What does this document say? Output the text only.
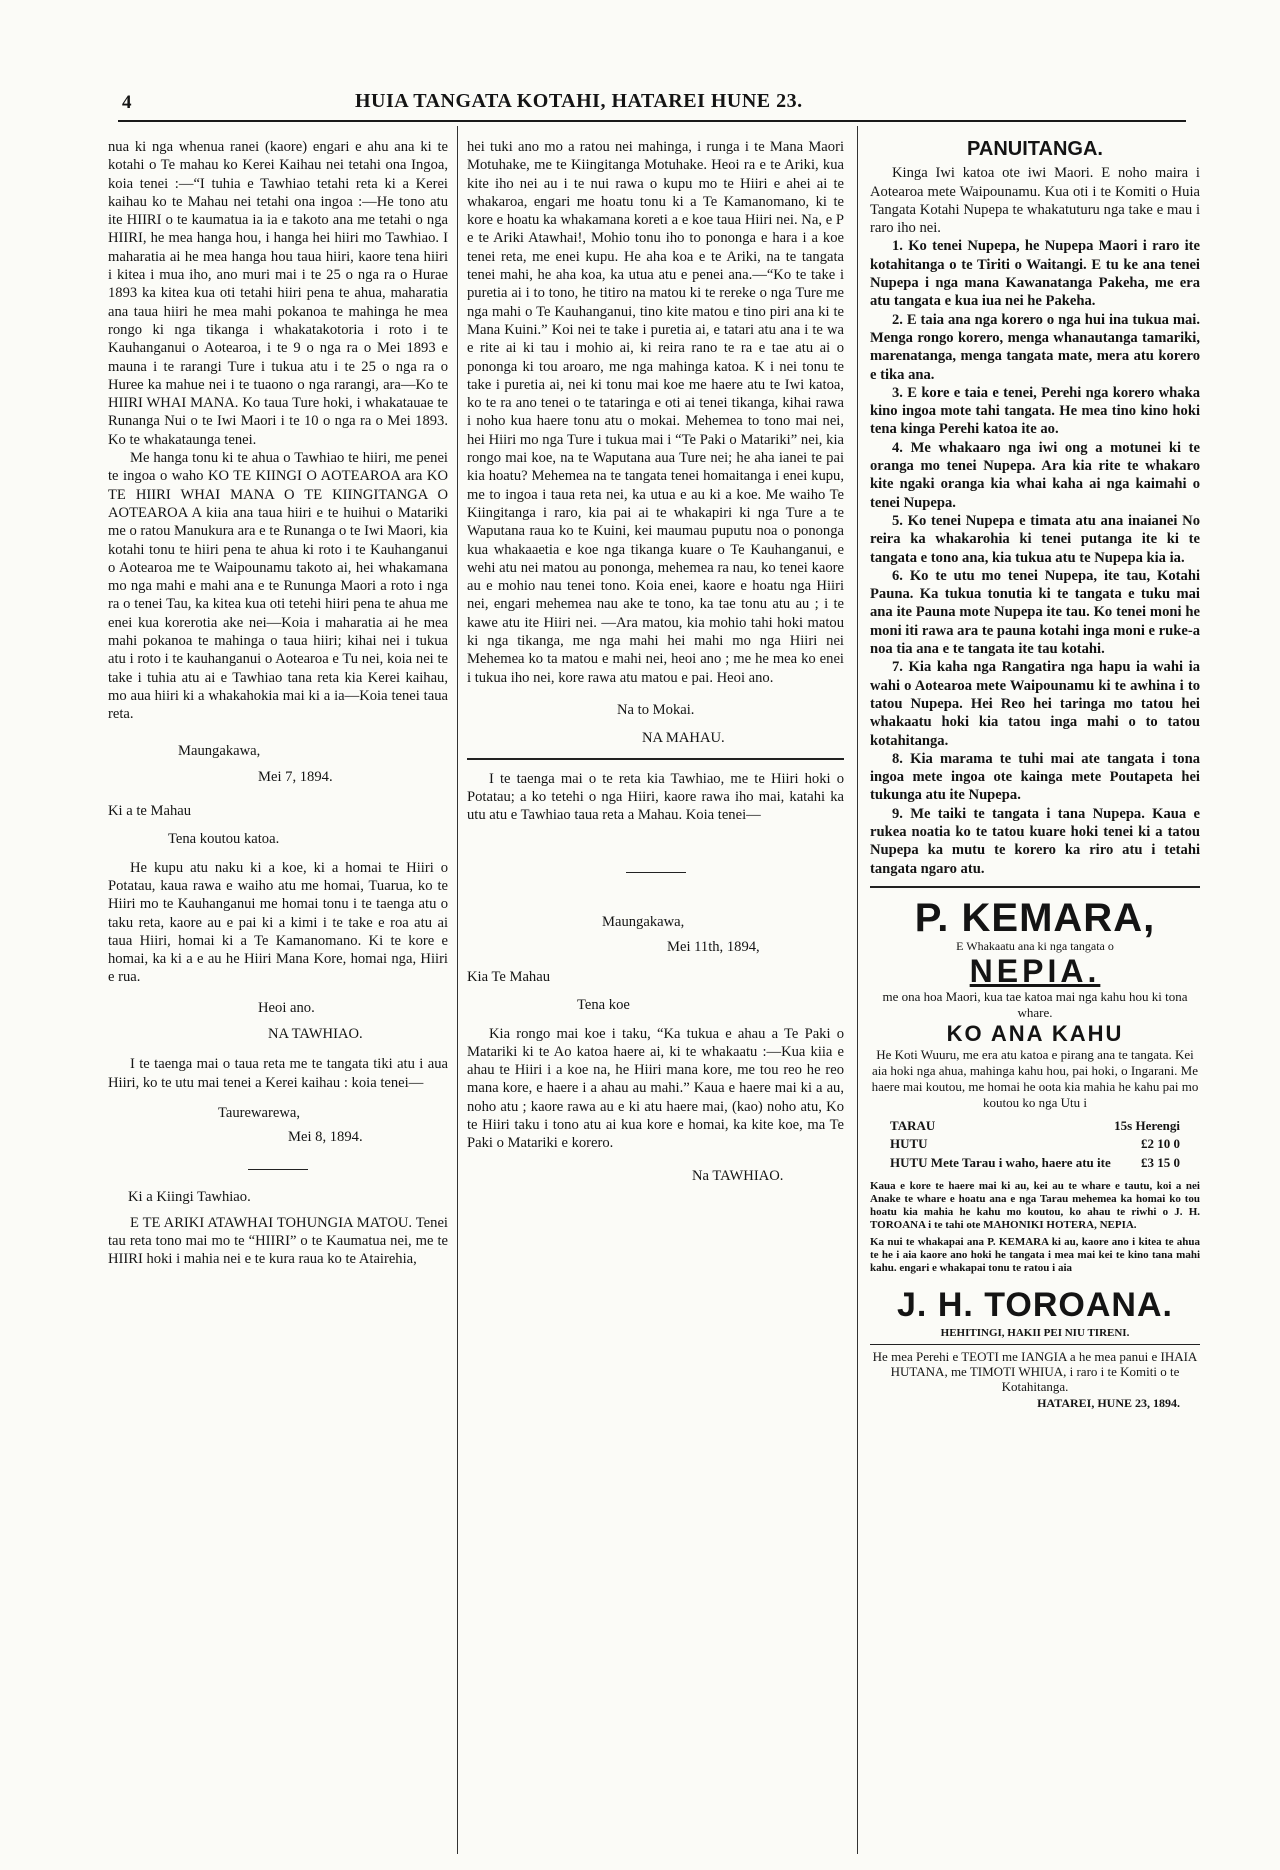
4	HUIA TANGATA KOTAHI, HATAREI HUNE 23.

nua ki nga whenua ranei (kaore) engari e ahu ana ki te kotahi o Te mahau ko Kerei Kaihau nei tetahi ona Ingoa, koia tenei :—“I tuhia e Tawhiao tetahi reta ki a Kerei kaihau ko te Mahau nei tetahi ona ingoa :—He tono atu ite HIIRI o te kaumatua ia ia e takoto ana me tetahi o nga HIIRI, he mea hanga hou, i hanga hei hiiri mo Tawhiao. I maharatia ai he mea hanga hou taua hiiri, kaore tena hiiri i kitea i mua iho, ano muri mai i te 25 o nga ra o Hurae 1893 ka kitea kua oti tetahi hiiri pena te ahua, maharatia ana taua hiiri he mea mahi pokanoa te mahinga he mea rongo ki nga tikanga i whakatakotoria i roto i te Kauhanganui o Aotearoa, i te 9 o nga ra o Mei 1893 e mauna i te rarangi Ture i tukua atu i te 25 o nga ra o Huree ka mahue nei i te tuaono o nga rarangi, ara—Ko te HIIRI WHAI MANA. Ko taua Ture hoki, i whakatauae te Runanga Nui o te Iwi Maori i te 10 o nga ra o Mei 1893. Ko te whakataunga tenei.

Me hanga tonu ki te ahua o Tawhiao te hiiri, me penei te ingoa o waho KO TE KIINGI O AOTEAROA ara KO TE HIIRI WHAI MANA O TE KIINGITANGA O AOTEAROA A kiia ana taua hiiri e te huihui o Matariki me o ratou Manukura ara e te Runanga o te Iwi Maori, kia kotahi tonu te hiiri pena te ahua ki roto i te Kauhanganui o Aotearoa me te Waipounamu takoto ai, hei whakamana mo nga mahi e mahi ana e te Rununga Maori a roto i nga ra o tenei Tau, ka kitea kua oti tetehi hiiri pena te ahua me enei kua korerotia ake nei—Koia i maharatia ai he mea mahi pokanoa te mahinga o taua hiiri; kihai nei i tukua atu i roto i te kauhanganui o Aotearoa e Tu nei, koia nei te take i tuhia atu ai e Tawhiao tana reta kia Kerei kaihau, mo aua hiiri ki a whakahokia mai ki a ia—Koia tenei taua reta.

Maungakawa,

Mei 7, 1894.

Ki a te Mahau

Tena koutou katoa.

He kupu atu naku ki a koe, ki a homai te Hiiri o Potatau, kaua rawa e waiho atu me homai, Tuarua, ko te Hiiri mo te Kauhanganui me homai tonu i te taenga atu o taku reta, kaore au e pai ki a kimi i te take e roa atu ai taua Hiiri, homai ki a Te Kamanomano. Ki te kore e homai, ka ki a e au he Hiiri Mana Kore, homai nga, Hiiri e rua.

Heoi ano.

NA TAWHIAO.

I te taenga mai o taua reta me te tangata tiki atu i aua Hiiri, ko te utu mai tenei a Kerei kaihau : koia tenei—

Taurewarewa,

Mei 8, 1894.

Ki a Kiingi Tawhiao.

E TE ARIKI ATAWHAI TOHUNGIA MATOU. Tenei tau reta tono mai mo te “HIIRI” o te Kaumatua nei, me te HIIRI hoki i mahia nei e te kura raua ko te Atairehia,

hei tuki ano mo a ratou nei mahinga, i runga i te Mana Maori Motuhake, me te Kiingitanga Motuhake. Heoi ra e te Ariki, kua kite iho nei au i te nui rawa o kupu mo te Hiiri e ahei ai te whakaroa, engari me hoatu tonu ki a Te Kamanomano, ki te kore e hoatu ka whakamana koreti a e koe taua Hiiri nei. Na, e P e te Ariki Atawhai!, Mohio tonu iho to pononga e hara i a koe tenei reta, me enei kupu. He aha koa e te Ariki, na te tangata tenei mahi, he aha koa, ka utua atu e penei ana.—“Ko te take i puretia ai i to tono, he titiro na matou ki te rereke o nga Ture me nga mahi o Te Kauhanganui, tino kite matou e tino piri ana ki te Mana Kuini.” Koi nei te take i puretia ai, e tatari atu ana i te wa e rite ai ki tau i mohio ai, ki reira rano te ra e tae atu ai o pononga ki tou aroaro, me nga mahinga katoa. K i nei tonu te take i puretia ai, nei ki tonu mai koe me haere atu te Iwi katoa, ko te ra ano tenei o te tataringa e oti ai tenei tikanga, kihai rawa i noho kua haere tonu atu o mokai. Mehemea to tono mai nei, hei Hiiri mo nga Ture i tukua mai i “Te Paki o Matariki” nei, kia rongo mai koe, na te Waputana aua Ture nei; he aha ianei te pai kia hoatu? Mehemea na te tangata tenei homaitanga i enei kupu, me to ingoa i taua reta nei, ka utua e au ki a koe. Me waiho Te Kiingitanga i raro, kia pai ai te whakapiri ki nga Ture a te Waputana raua ko te Kuini, kei maumau puputu noa o pononga kua whakaaetia e koe nga tikanga kuare o Te Kauhanganui, e wehi atu nei matou au pononga, mehemea ra nau, ko tenei kaore au e mohio nau tenei tono. Koia enei, kaore e hoatu nga Hiiri nei, engari mehemea nau ake te tono, ka tae tonu atu au ; i te kawe atu ite Hiiri nei. —Ara matou, kia mohio tahi hoki matou ki nga tikanga, me nga mahi hei mahi mo nga Hiiri nei Mehemea ko ta matou e mahi nei, heoi ano ; me he mea ko enei i tukua iho nei, kore rawa atu matou e pai. Heoi ano.

Na to Mokai.

NA MAHAU.

I te taenga mai o te reta kia Tawhiao, me te Hiiri hoki o Potatau; a ko tetehi o nga Hiiri, kaore rawa iho mai, katahi ka utu atu e Tawhiao taua reta a Mahau. Koia tenei—

Maungakawa,

Mei 11th, 1894,

Kia Te Mahau

Tena koe

Kia rongo mai koe i taku, “Ka tukua e ahau a Te Paki o Matariki ki te Ao katoa haere ai, ki te whakaatu :—Kua kiia e ahau te Hiiri i a koe na, he Hiiri mana kore, me tou reo he reo mana kore, e haere i a ahau au mahi.” Kaua e haere mai ki a au, noho atu ; kaore rawa au e ki atu haere mai, (kao) noho atu, Ko te Hiiri taku i tono atu ai kua kore e homai, ka kite koe, ma Te Paki o Matariki e korero.

Na TAWHIAO.

PANUITANGA.

Kinga Iwi katoa ote iwi Maori. E noho maira i Aotearoa mete Waipounamu. Kua oti i te Komiti o Huia Tangata Kotahi Nupepa te whakatuturu nga take e mau i raro iho nei.

1. Ko tenei Nupepa, he Nupepa Maori i raro ite kotahitanga o te Tiriti o Waitangi. E tu ke ana tenei Nupepa i nga mana Kawanatanga Pakeha, me era atu tangata e kua iua nei he Pakeha.

2. E taia ana nga korero o nga hui ina tukua mai. Menga rongo korero, menga whanautanga tamariki, marenatanga, menga tangata mate, mera atu korero e tika ana.

3. E kore e taia e tenei, Perehi nga korero whaka kino ingoa mote tahi tangata. He mea tino kino hoki tena kinga Perehi katoa ite ao.

4. Me whakaaro nga iwi ong a motunei ki te oranga mo tenei Nupepa. Ara kia rite te whakaro kite ngaki oranga kia whai kaha ai nga kaimahi o tenei Nupepa.

5. Ko tenei Nupepa e timata atu ana inaianei No reira ka whakarohia ki tenei putanga ite ki te tangata e tono ana, kia tukua atu te Nupepa kia ia.

6. Ko te utu mo tenei Nupepa, ite tau, Kotahi Pauna. Ka tukua tonutia ki te tangata e tuku mai ana ite Pauna mote Nupepa ite tau. Ko tenei moni he moni iti rawa ara te pauna kotahi inga moni e ruke-a noa tia ana e te tangata ite tau kotahi.

7. Kia kaha nga Rangatira nga hapu ia wahi ia wahi o Aotearoa mete Waipounamu ki te awhina i to tatou Nupepa. Hei Reo hei taringa mo tatou hei whakaatu hoki kia tatou inga mahi o to tatou kotahitanga.

8. Kia marama te tuhi mai ate tangata i tona ingoa mete ingoa ote kainga mete Poutapeta hei tukunga atu ite Nupepa.

9. Me taiki te tangata i tana Nupepa. Kaua e rukea noatia ko te tatou kuare hoki tenei ki a tatou Nupepa ka mutu te korero ka riro atu i tetahi tangata ngaro atu.

P. KEMARA,

E Whakaatu ana ki nga tangata o

NEPIA.

me ona hoa Maori, kua tae katoa mai nga kahu hou ki tona whare.

KO ANA KAHU

He Koti Wuuru, me era atu katoa e pirang ana te tangata. Kei aia hoki nga ahua, mahinga kahu hou, pai hoki, o Ingarani. Me haere mai koutou, me homai he oota kia mahia he kahu pai mo koutou ko nga Utu i

TARAU	15s Herengi
HUTU	£2 10 0
HUTU Mete Tarau i waho, haere atu ite £3 15 0

Kaua e kore te haere mai ki au, kei au te whare e tautu, koi a nei Anake te whare e hoatu ana e nga Tarau mehemea ka homai ko tou hoatu kia mahia he kahu mo koutou, ko ahau te riwhi o J. H. TOROANA i te tahi ote MAHONIKI HOTERA, NEPIA.

Ka nui te whakapai ana P. KEMARA ki au, kaore ano i kitea te ahua te he i aia kaore ano hoki he tangata i mea mai kei te kino tana mahi kahu. engari e whakapai tonu te ratou i aia

J. H. TOROANA.

HEHITINGI, HAKII PEI NIU TIRENI.

He mea Perehi e TEOTI me IANGIA a he mea panui e IHAIA HUTANA, me TIMOTI WHIUA, i raro i te Komiti o te Kotahitanga.

HATAREI, HUNE 23, 1894.
